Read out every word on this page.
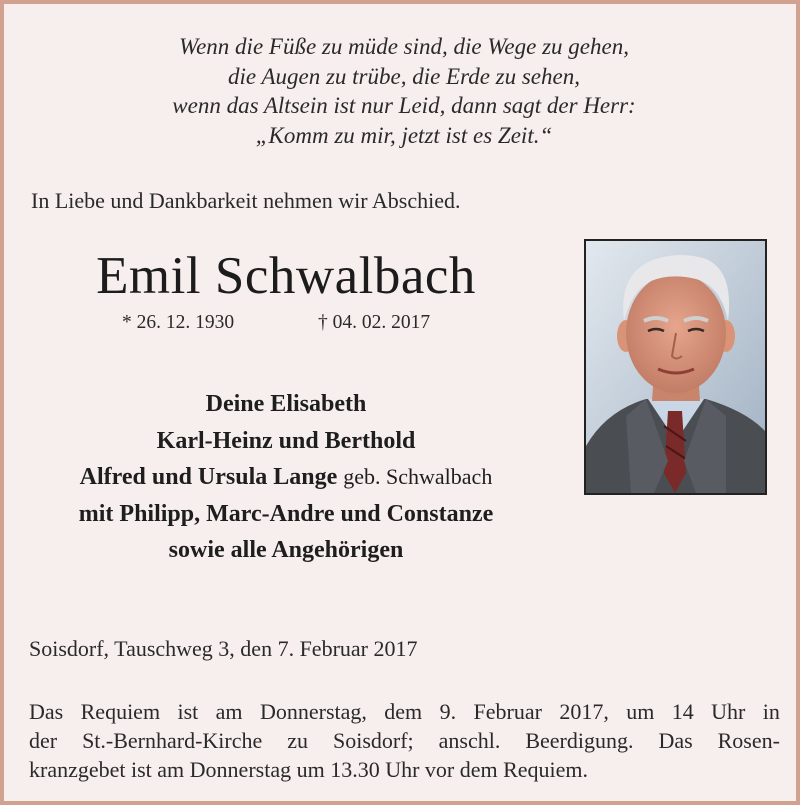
Wenn die Füße zu müde sind, die Wege zu gehen,
die Augen zu trübe, die Erde zu sehen,
wenn das Altsein ist nur Leid, dann sagt der Herr:
„Komm zu mir, jetzt ist es Zeit.“
In Liebe und Dankbarkeit nehmen wir Abschied.
Emil Schwalbach
* 26. 12. 1930	† 04. 02. 2017
Deine Elisabeth
Karl-Heinz und Berthold
Alfred und Ursula Lange geb. Schwalbach
mit Philipp, Marc-Andre und Constanze
sowie alle Angehörigen
Soisdorf, Tauschweg 3, den 7. Februar 2017
Das Requiem ist am Donnerstag, dem 9. Februar 2017, um 14 Uhr in
der St.-Bernhard-Kirche zu Soisdorf; anschl. Beerdigung. Das Rosen-
kranzgebet ist am Donnerstag um 13.30 Uhr vor dem Requiem.
